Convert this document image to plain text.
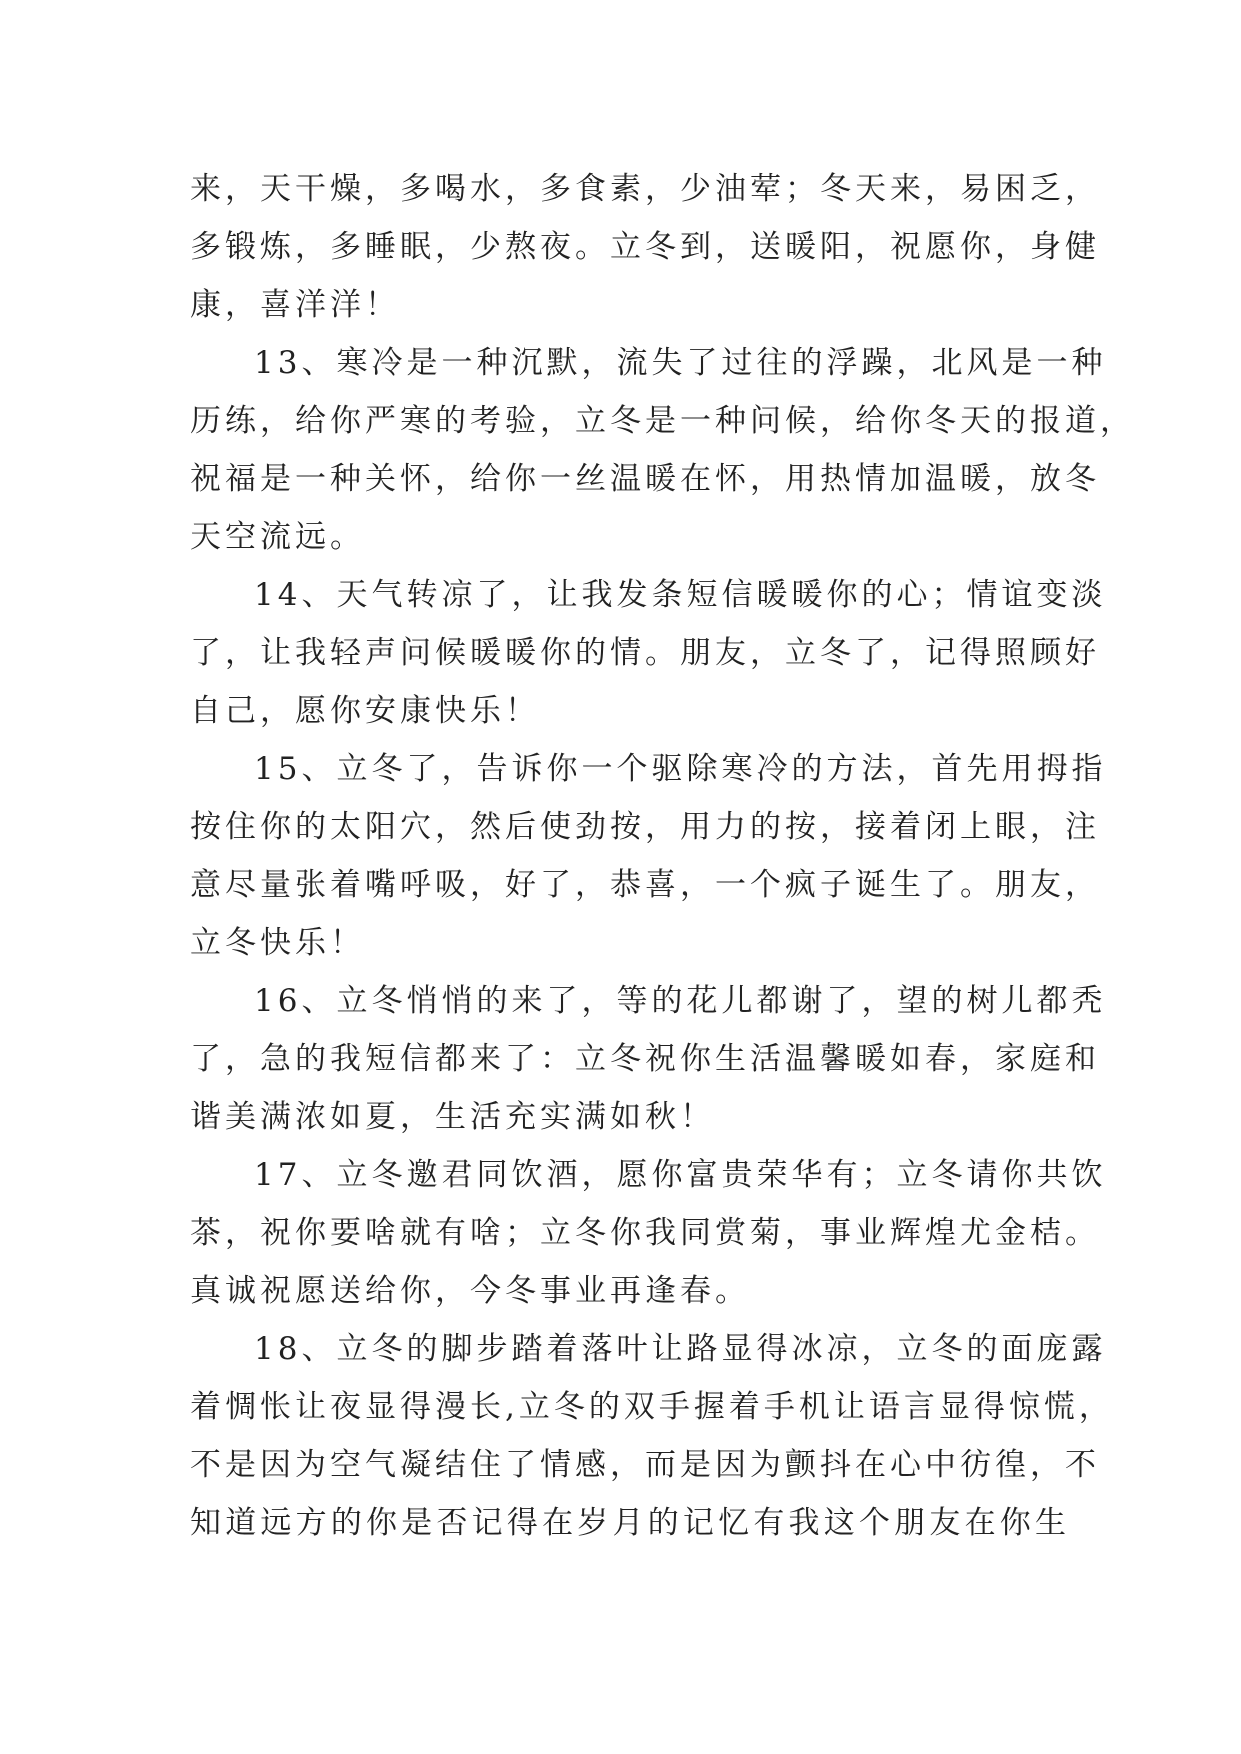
来，天干燥，多喝水，多食素，少油荤；冬天来，易困乏，
多锻炼，多睡眠，少熬夜。立冬到，送暖阳，祝愿你，身健
康，喜洋洋！
13、寒冷是一种沉默，流失了过往的浮躁，北风是一种
历练，给你严寒的考验，立冬是一种问候，给你冬天的报道，
祝福是一种关怀，给你一丝温暖在怀，用热情加温暖，放冬
天空流远。
14、天气转凉了，让我发条短信暖暖你的心；情谊变淡
了，让我轻声问候暖暖你的情。朋友，立冬了，记得照顾好
自己，愿你安康快乐！
15、立冬了，告诉你一个驱除寒冷的方法，首先用拇指
按住你的太阳穴，然后使劲按，用力的按，接着闭上眼，注
意尽量张着嘴呼吸，好了，恭喜，一个疯子诞生了。朋友，
立冬快乐！
16、立冬悄悄的来了，等的花儿都谢了，望的树儿都秃
了，急的我短信都来了：立冬祝你生活温馨暖如春，家庭和
谐美满浓如夏，生活充实满如秋！
17、立冬邀君同饮酒，愿你富贵荣华有；立冬请你共饮
茶，祝你要啥就有啥；立冬你我同赏菊，事业辉煌尤金桔。
真诚祝愿送给你，今冬事业再逢春。
18、立冬的脚步踏着落叶让路显得冰凉，立冬的面庞露
着惆怅让夜显得漫长,立冬的双手握着手机让语言显得惊慌，
不是因为空气凝结住了情感，而是因为颤抖在心中彷徨，不
知道远方的你是否记得在岁月的记忆有我这个朋友在你生
